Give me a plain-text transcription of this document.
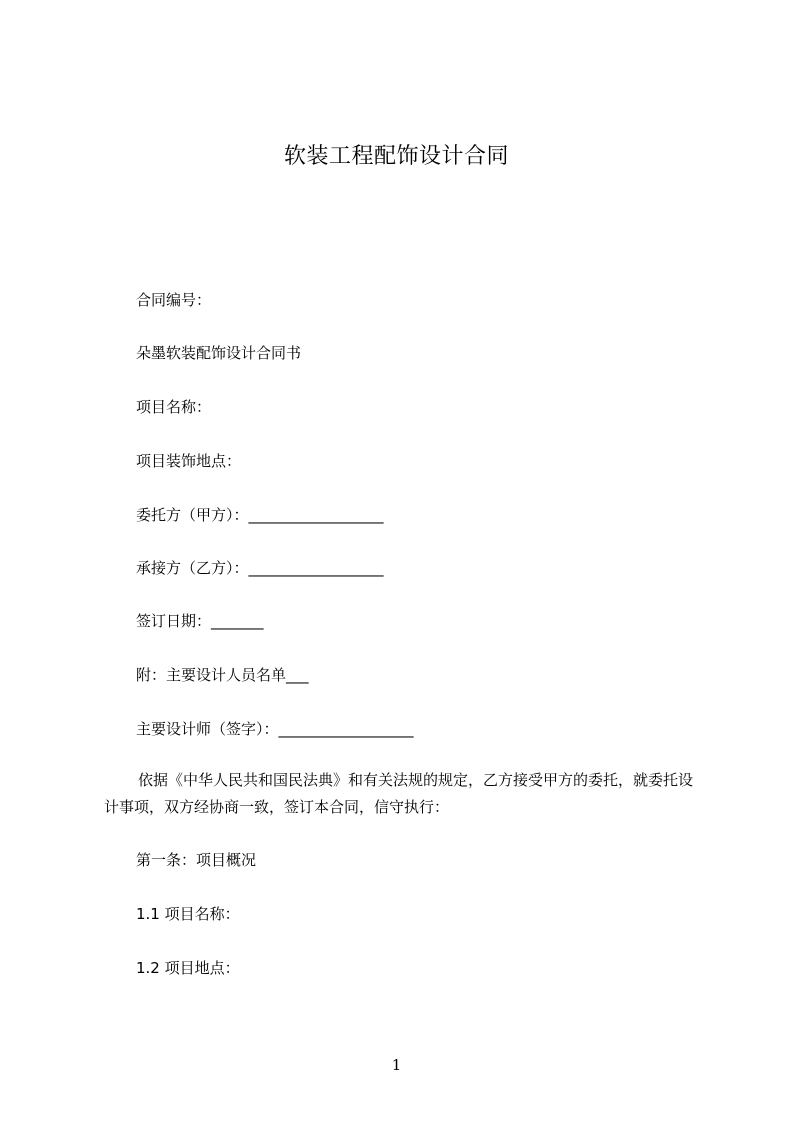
软装工程配饰设计合同
合同编号：
朵墨软装配饰设计合同书
项目名称：
项目装饰地点：
委托方（甲方）：__________________
承接方（乙方）：__________________
签订日期：_______
附：主要设计人员名单___
主要设计师（签字）：__________________
依据《中华人民共和国民法典》和有关法规的规定，乙方接受甲方的委托，就委托设计事项，双方经协商一致，签订本合同，信守执行：
第一条：项目概况
1.1 项目名称：
1.2 项目地点：
1
